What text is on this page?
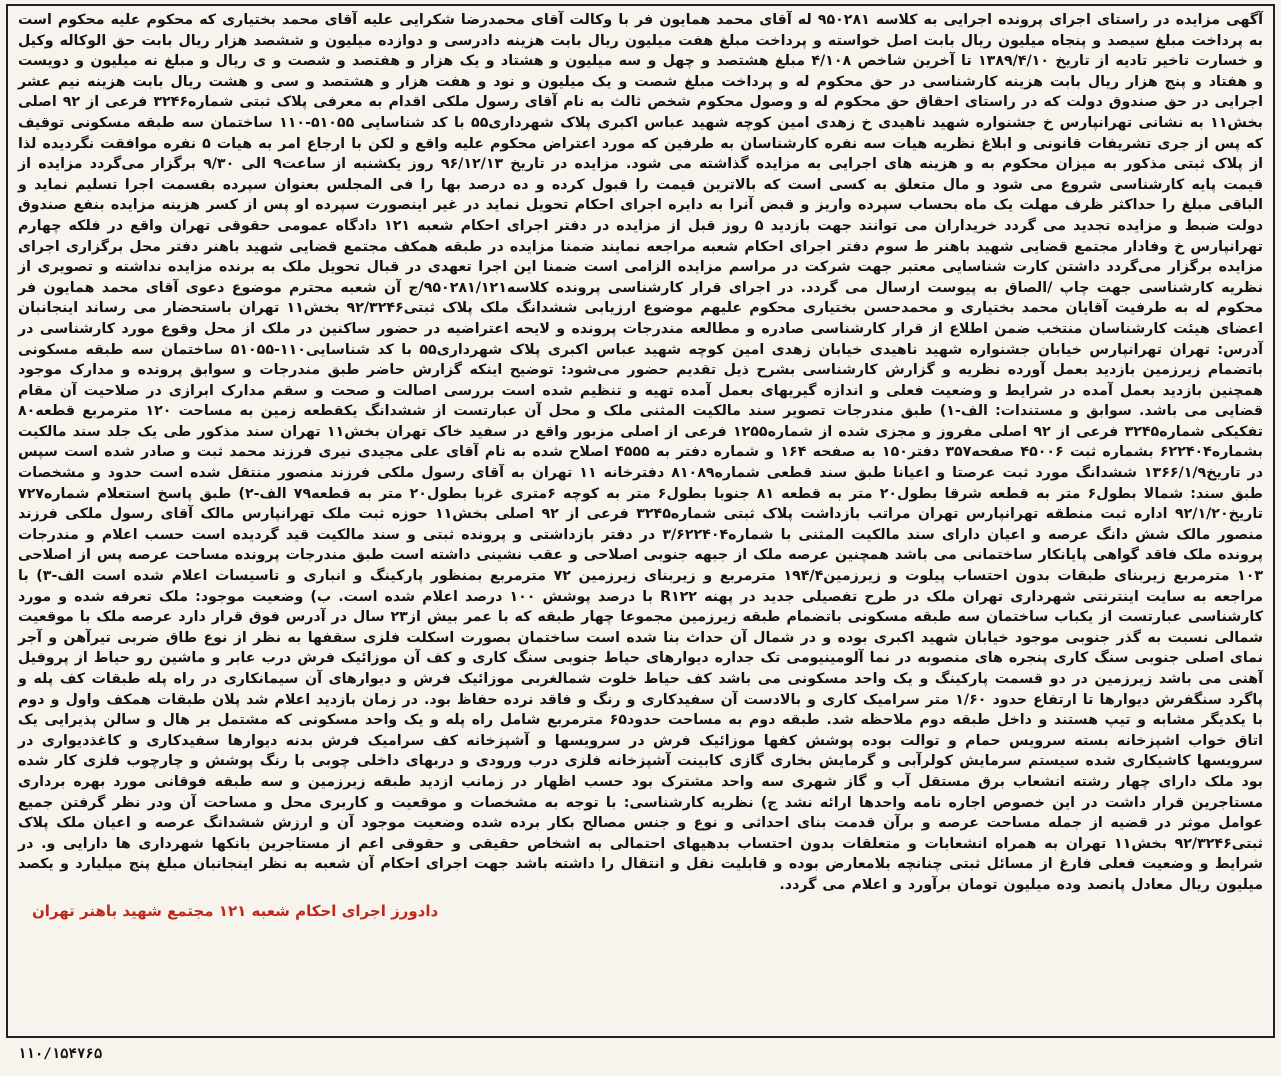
آگهی مزایده در راستای اجرای پرونده اجرایی به کلاسه ۹۵۰۲۸۱ له آقای محمد همایون فر با وکالت آقای محمدرضا شکرایی علیه آقای محمد بختیاری که محکوم علیه محکوم است به پرداخت مبلغ سیصد و پنجاه میلیون ریال بابت اصل خواسته و پرداخت مبلغ هفت میلیون ریال بابت هزینه دادرسی و دوازده میلیون و ششصد هزار ریال بابت حق الوکاله وکیل و خسارت تاخیر تادیه از تاریخ ۱۳۸۹/۴/۱۰ تا آخرین شاخص ۴/۱۰۸ مبلغ هشتصد و چهل و سه میلیون و هشتاد و یک هزار و هفتصد و شصت و ی ریال و مبلغ نه میلیون و دویست و هفتاد و پنج هزار ریال بابت هزینه کارشناسی در حق محکوم له و پرداخت مبلغ شصت و یک میلیون و نود و هفت هزار و هشتصد و سی و هشت ریال بابت هزینه نیم عشر اجرایی در حق صندوق دولت که در راستای احقاق حق محکوم له و وصول محکوم شخص ثالث به نام آقای رسول ملکی اقدام به معرفی پلاک ثبتی شماره۳۲۴۶ فرعی از ۹۲ اصلی بخش۱۱ به نشانی تهرانپارس خ جشنواره شهید ناهیدی خ زهدی امین کوچه شهید عباس اکبری پلاک شهرداری۵۵ با کد شناسایی ۵۱۰۵۵-۱۱۰ ساختمان سه طبقه مسکونی توقیف که پس از جری تشریفات قانونی و ابلاغ نظریه هیات سه نفره کارشناسان به طرفین که مورد اعتراض محکوم علیه واقع و لکن با ارجاع امر به هیات ۵ نفره موافقت نگردیده لذا از پلاک ثبتی مذکور به میزان محکوم به و هزینه های اجرایی به مزایده گذاشته می شود. مزایده در تاریخ ۹۶/۱۲/۱۳ روز یکشنبه از ساعت۹ الی ۹/۳۰ برگزار می‌گردد مزایده از قیمت پایه کارشناسی شروع می شود و مال متعلق به کسی است که بالاترین قیمت را قبول کرده و ده درصد بها را فی المجلس بعنوان سپرده بقسمت اجرا تسلیم نماید و الباقی مبلغ را حداکثر ظرف مهلت یک ماه بحساب سپرده واریز و قبض آنرا به دایره اجرای احکام تحویل نماید در غیر اینصورت سپرده او پس از کسر هزینه مزایده بنفع صندوق دولت ضبط و مزایده تجدید می گردد خریداران می توانند جهت بازدید ۵ روز قبل از مزایده در دفتر اجرای احکام شعبه ۱۲۱ دادگاه عمومی حقوقی تهران واقع در فلکه چهارم تهرانپارس خ وفادار مجتمع قضایی شهید باهنر ط سوم دفتر اجرای احکام شعبه مراجعه نمایند ضمنا مزایده در طبقه همکف مجتمع قضایی شهید باهنر دفتر محل برگزاری اجرای مزایده برگزار می‌گردد داشتن کارت شناسایی معتبر جهت شرکت در مراسم مزایده الزامی است ضمنا این اجرا تعهدی در قبال تحویل ملک به برنده مزایده نداشته و تصویری از نظریه کارشناسی جهت چاپ /الصاق به پیوست ارسال می گردد. در اجرای قرار کارشناسی پرونده کلاسه۹۵۰۲۸۱/۱۲۱/ج آن شعبه محترم موضوع دعوی آقای محمد همایون فر محکوم له به طرفیت آقایان محمد بختیاری و محمدحسن بختیاری محکوم علیهم موضوع ارزیابی ششدانگ ملک پلاک ثبتی۹۲/۳۲۴۶ بخش۱۱ تهران باستحضار می رساند اینجانبان اعضای هیئت کارشناسان منتخب ضمن اطلاع از قرار کارشناسی صادره و مطالعه مندرجات پرونده و لایحه اعتراضیه در حضور ساکنین در ملک از محل وقوع مورد کارشناسی در آدرس: تهران تهرانپارس خیابان جشنواره شهید ناهیدی خیابان زهدی امین کوچه شهید عباس اکبری پلاک شهرداری۵۵ با کد شناسایی۱۱۰-۵۱۰۵۵ ساختمان سه طبقه مسکونی باتضمام زیرزمین بازدید بعمل آورده نظریه و گزارش کارشناسی بشرح ذیل تقدیم حضور می‌شود: توضیح اینکه گزارش حاضر طبق مندرجات و سوابق پرونده و مدارک موجود همچنین بازدید بعمل آمده در شرایط و وضعیت فعلی و اندازه گیریهای بعمل آمده تهیه و تنظیم شده است بررسی اصالت و صحت و سقم مدارک ابرازی در صلاحیت آن مقام قضایی می باشد. سوابق و مستندات: الف-۱) طبق مندرجات تصویر سند مالکیت المثنی ملک و محل آن عبارتست از ششدانگ یکقطعه زمین به مساحت ۱۲۰ مترمربع قطعه۸۰ تفکیکی شماره۳۲۴۵ فرعی از ۹۲ اصلی مفروز و مجزی شده از شماره۱۲۵۵ فرعی از اصلی مزبور واقع در سفید خاک تهران بخش۱۱ تهران سند مذکور طی یک جلد سند مالکیت بشماره۶۲۲۴۰۴ بشماره ثبت ۴۵۰۰۶ صفحه۳۵۷ دفتر۱۵۰ به صفحه ۱۶۴ و شماره دفتر به ۴۵۵۵ اصلاح شده به نام آقای علی مجیدی نیری فرزند محمد ثبت و صادر شده است سپس در تاریخ۱۳۶۶/۱/۹ ششدانگ مورد ثبت عرصتا و اعیانا طبق سند قطعی شماره۸۱۰۸۹ دفترخانه ۱۱ تهران به آقای رسول ملکی فرزند منصور منتقل شده است حدود و مشخصات طبق سند: شمالا بطول۶ متر به قطعه شرقا بطول۲۰ متر به قطعه ۸۱ جنوبا بطول۶ متر به کوچه ۶متری غربا بطول۲۰ متر به قطعه۷۹ الف-۲) طبق پاسخ استعلام شماره۷۲۷ تاریخ۹۲/۱/۲۰ اداره ثبت منطقه تهرانپارس تهران مراتب بازداشت پلاک ثبتی شماره۳۲۴۵ فرعی از ۹۲ اصلی بخش۱۱ حوزه ثبت ملک تهرانپارس مالک آقای رسول ملکی فرزند منصور مالک شش دانگ عرصه و اعیان دارای سند مالکیت المثنی با شماره۳/۶۲۲۴۰۴ در دفتر بازداشتی و پرونده ثبتی و سند مالکیت قید گردیده است حسب اعلام و مندرجات پرونده ملک فاقد گواهی پایانکار ساختمانی می باشد همچنین عرصه ملک از جبهه جنوبی اصلاحی و عقب نشینی داشته است طبق مندرجات پرونده مساحت عرصه پس از اصلاحی ۱۰۳ مترمربع زیربنای طبقات بدون احتساب پیلوت و زیرزمین۱۹۴/۴ مترمربع و زیربنای زیرزمین ۷۲ مترمربع بمنظور پارکینگ و انباری و تاسیسات اعلام شده است الف-۳) با مراجعه به سایت اینترنتی شهرداری تهران ملک در طرح تفصیلی جدید در پهنه R۱۲۲ با درصد پوشش ۱۰۰ درصد اعلام شده است. ب) وضعیت موجود: ملک تعرفه شده و مورد کارشناسی عبارتست از یکباب ساختمان سه طبقه مسکونی باتضمام طبقه زیرزمین مجموعا چهار طبقه که با عمر بیش از۲۳ سال در آدرس فوق قرار دارد عرصه ملک با موقعیت شمالی نسبت به گذر جنوبی موجود خیابان شهید اکبری بوده و در شمال آن حداث بنا شده است ساختمان بصورت اسکلت فلزی سقفها به نظر از نوع طاق ضربی تیرآهن و آجر نمای اصلی جنوبی سنگ کاری پنجره های منصوبه در نما آلومینیومی تک جداره دیوارهای حیاط جنوبی سنگ کاری و کف آن موزائیک فرش درب عابر و ماشین رو حیاط از پروفیل آهنی می باشد زیرزمین در دو قسمت پارکینگ و یک واحد مسکونی می باشد کف حیاط خلوت شمالغربی موزائیک فرش و دیوارهای آن سیمانکاری در راه پله طبقات کف پله و پاگرد سنگفرش دیوارها تا ارتفاع حدود ۱/۶۰ متر سرامیک کاری و بالادست آن سفیدکاری و رنگ و فاقد نرده حفاظ بود. در زمان بازدید اعلام شد پلان طبقات همکف واول و دوم با یکدیگر مشابه و تیپ هستند و داخل طبقه دوم ملاحظه شد. طبقه دوم به مساحت حدود۶۵ مترمربع شامل راه پله و یک واحد مسکونی که مشتمل بر هال و سالن پذیرایی یک اتاق خواب اشپزخانه بسته سرویس حمام و توالت بوده پوشش کفها موزائیک فرش در سرویسها و آشپزخانه کف سرامیک فرش بدنه دیوارها سفیدکاری و کاغذدیواری در سرویسها کاشیکاری شده سیستم سرمایش کولرآبی و گرمایش بخاری گازی کابینت آشپزخانه فلزی درب ورودی و دربهای داخلی چوبی با رنگ پوشش و چارچوب فلزی کار شده بود ملک دارای چهار رشته انشعاب برق مستقل آب و گاز شهری سه واحد مشترک بود حسب اظهار در زمانب ازدید طبقه زیرزمین و سه طبقه فوقانی مورد بهره برداری مستاجرین قرار داشت در این خصوص اجاره نامه واحدها ارائه نشد ج) نظریه کارشناسی: با توجه به مشخصات و موقعیت و کاربری محل و مساحت آن ودر نظر گرفتن جمیع عوامل موثر در قضیه از جمله مساحت عرصه و برآن قدمت بنای احداثی و نوع و جنس مصالح بکار برده شده وضعیت موجود آن و ارزش ششدانگ عرصه و اعیان ملک پلاک ثبتی۹۲/۳۲۴۶ بخش۱۱ تهران به همراه انشعابات و متعلقات بدون احتساب بدهیهای احتمالی به اشخاص حقیقی و حقوقی اعم از مستاجرین بانکها شهرداری ها دارایی و. در شرایط و وضعیت فعلی فارغ از مسائل ثبتی چنانچه بلامعارض بوده و قابلیت نقل و انتقال را داشته باشد جهت اجرای احکام آن شعبه به نظر اینجانبان مبلغ پنج میلیارد و یکصد میلیون ریال معادل پانصد وده میلیون تومان برآورد و اعلام می گردد.

دادورز اجرای احکام شعبه ۱۲۱ مجتمع شهید باهنر تهران
۱۱۰/۱۵۴۷۶۵
